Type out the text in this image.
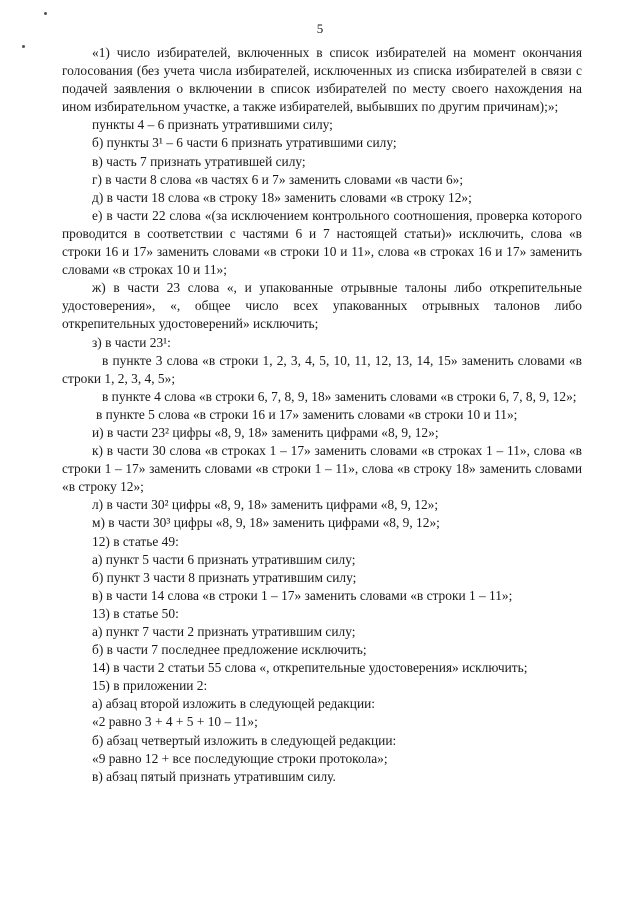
5

«1) число избирателей, включенных в список избирателей на момент окончания голосования (без учета числа избирателей, исключенных из списка избирателей в связи с подачей заявления о включении в список избирателей по месту своего нахождения на ином избирательном участке, а также избирателей, выбывших по другим причинам);»;

пункты 4 – 6 признать утратившими силу;

б) пункты 3¹ – 6 части 6 признать утратившими силу;

в) часть 7 признать утратившей силу;

г) в части 8 слова «в частях 6 и 7» заменить словами «в части 6»;

д) в части 18 слова «в строку 18» заменить словами «в строку 12»;

е) в части 22 слова «(за исключением контрольного соотношения, проверка которого проводится в соответствии с частями 6 и 7 настоящей статьи)» исключить, слова «в строки 16 и 17» заменить словами «в строки 10 и 11», слова «в строках 16 и 17» заменить словами «в строках 10 и 11»;

ж) в части 23 слова «, и упакованные отрывные талоны либо открепительные удостоверения», «, общее число всех упакованных отрывных талонов либо открепительных удостоверений» исключить;

з) в части 23¹:

в пункте 3 слова «в строки 1, 2, 3, 4, 5, 10, 11, 12, 13, 14, 15» заменить словами «в строки 1, 2, 3, 4, 5»;

в пункте 4 слова «в строки 6, 7, 8, 9, 18» заменить словами «в строки 6, 7, 8, 9, 12»;

в пункте 5 слова «в строки 16 и 17» заменить словами «в строки 10 и 11»;

и) в части 23² цифры «8, 9, 18» заменить цифрами «8, 9, 12»;

к) в части 30 слова «в строках 1 – 17» заменить словами «в строках 1 – 11», слова «в строки 1 – 17» заменить словами «в строки 1 – 11», слова «в строку 18» заменить словами «в строку 12»;

л) в части 30² цифры «8, 9, 18» заменить цифрами «8, 9, 12»;

м) в части 30³ цифры «8, 9, 18» заменить цифрами «8, 9, 12»;

12) в статье 49:

а) пункт 5 части 6 признать утратившим силу;

б) пункт 3 части 8 признать утратившим силу;

в) в части 14 слова «в строки 1 – 17» заменить словами «в строки 1 – 11»;

13) в статье 50:

а) пункт 7 части 2 признать утратившим силу;

б) в части 7 последнее предложение исключить;

14) в части 2 статьи 55 слова «, открепительные удостоверения» исключить;

15) в приложении 2:

а) абзац второй изложить в следующей редакции:

«2 равно 3 + 4 + 5 + 10 – 11»;

б) абзац четвертый изложить в следующей редакции:

«9 равно 12 + все последующие строки протокола»;

в) абзац пятый признать утратившим силу.
